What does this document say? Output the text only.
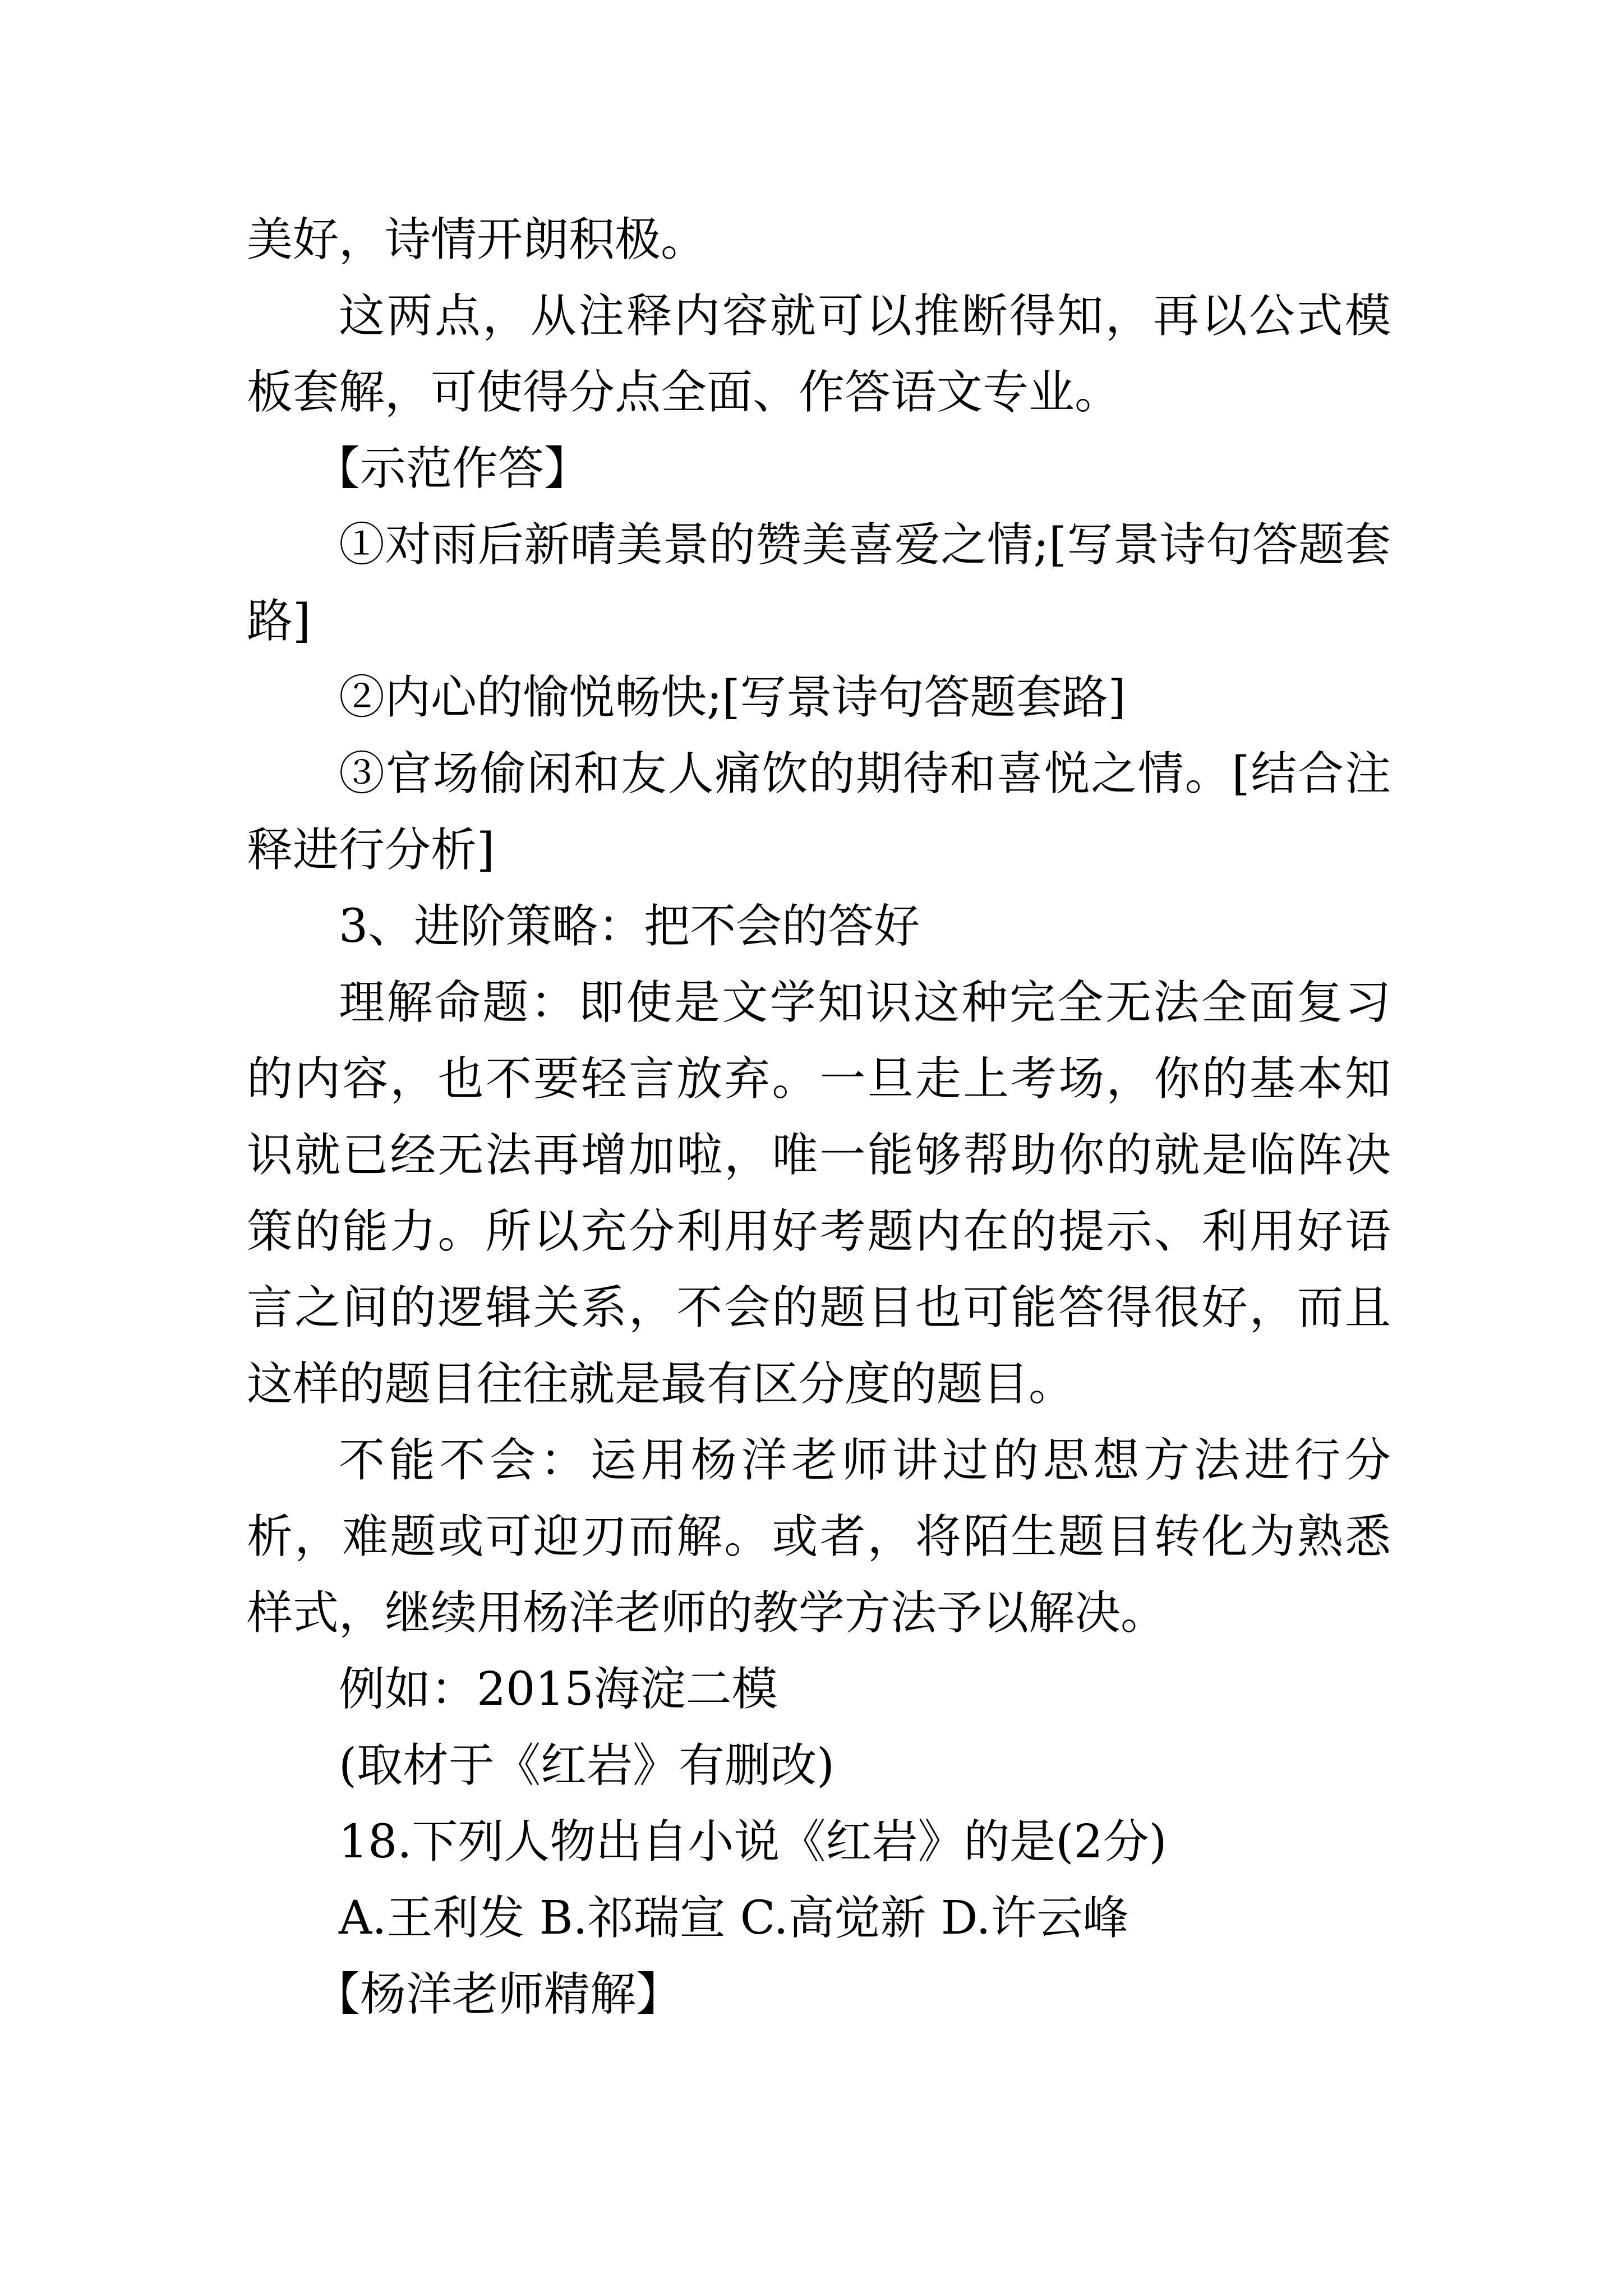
美好，诗情开朗积极。

这两点，从注释内容就可以推断得知，再以公式模板套解，可使得分点全面、作答语文专业。

【示范作答】

①对雨后新晴美景的赞美喜爱之情;[写景诗句答题套路]

②内心的愉悦畅快;[写景诗句答题套路]

③官场偷闲和友人痛饮的期待和喜悦之情。[结合注释进行分析]

3、进阶策略：把不会的答好

理解命题：即使是文学知识这种完全无法全面复习的内容，也不要轻言放弃。一旦走上考场，你的基本知识就已经无法再增加啦，唯一能够帮助你的就是临阵决策的能力。所以充分利用好考题内在的提示、利用好语言之间的逻辑关系，不会的题目也可能答得很好，而且这样的题目往往就是最有区分度的题目。

不能不会：运用杨洋老师讲过的思想方法进行分析，难题或可迎刃而解。或者，将陌生题目转化为熟悉样式，继续用杨洋老师的教学方法予以解决。

例如：2015海淀二模

(取材于《红岩》有删改)

18.下列人物出自小说《红岩》的是(2分)

A.王利发 B.祁瑞宣 C.高觉新 D.许云峰

【杨洋老师精解】
